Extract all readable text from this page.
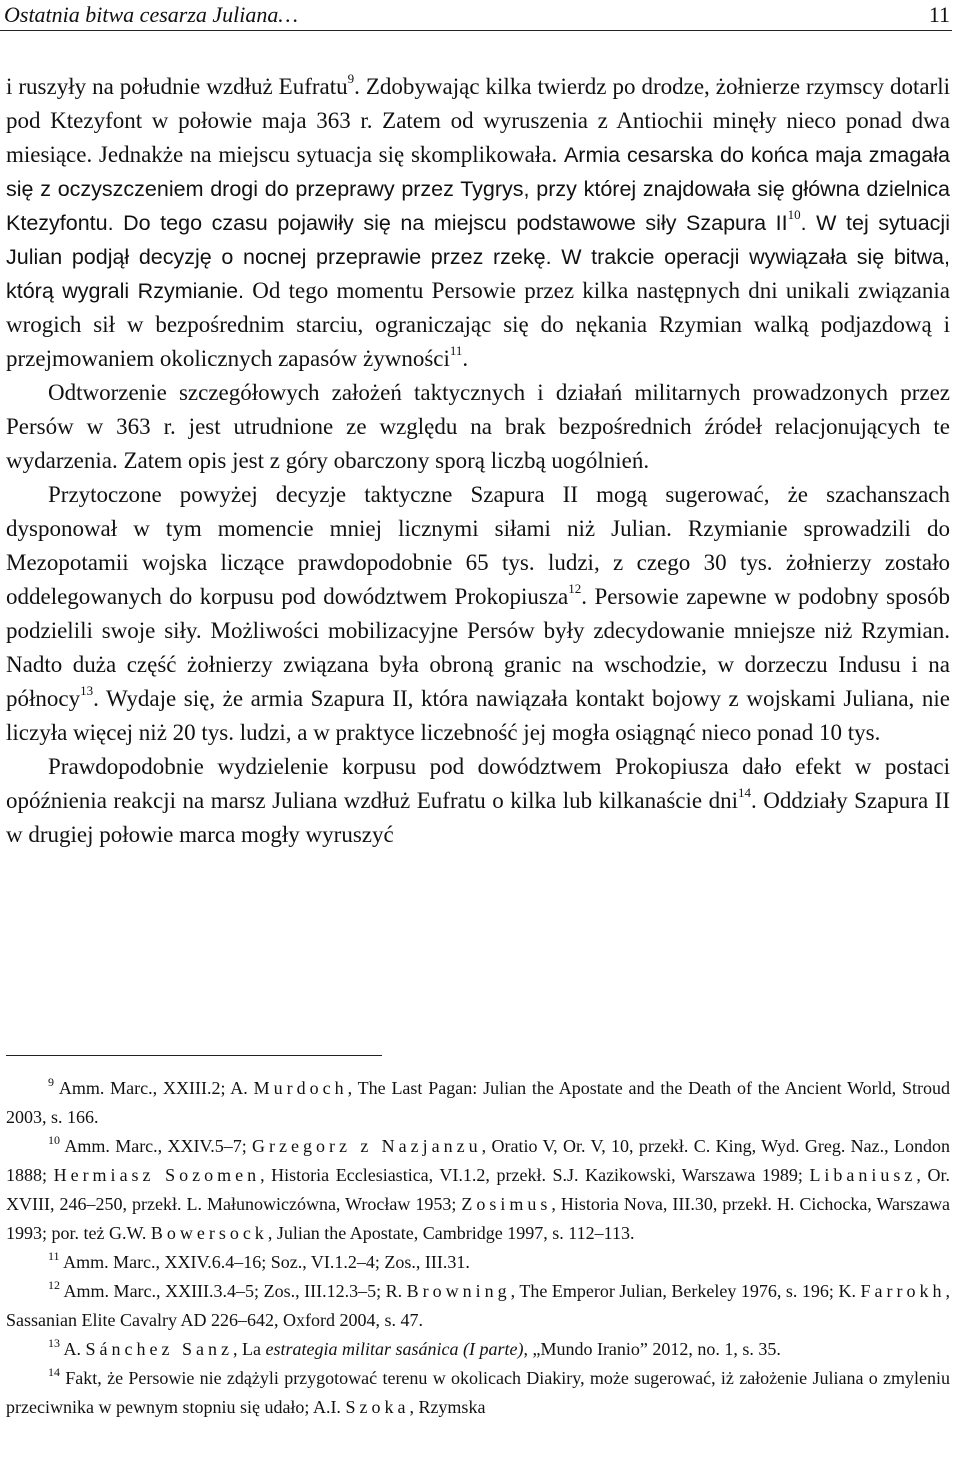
Ostatnia bitwa cesarza Juliana…	11

i ruszyły na południe wzdłuż Eufratu$^9$. Zdobywając kilka twierdz po drodze, żołnierze rzymscy dotarli pod Ktezyfont w połowie maja 363 r. Zatem od wyruszenia z Antiochii minęły nieco ponad dwa miesiące. Jednakże na miejscu sytuacja się skomplikowała. Armia cesarska do końca maja zmagała się z oczyszczeniem drogi do przeprawy przez Tygrys, przy której znajdowała się główna dzielnica Ktezyfontu. Do tego czasu pojawiły się na miejscu podstawowe siły Szapura II$^{10}$. W tej sytuacji Julian podjął decyzję o nocnej przeprawie przez rzekę. W trakcie operacji wywiązała się bitwa, którą wygrali Rzymianie. Od tego momentu Persowie przez kilka następnych dni unikali związania wrogich sił w bezpośrednim starciu, ograniczając się do nękania Rzymian walką podjazdową i przejmowaniem okolicznych zapasów żywności$^{11}$.

Odtworzenie szczegółowych założeń taktycznych i działań militarnych prowadzonych przez Persów w 363 r. jest utrudnione ze względu na brak bezpośrednich źródeł relacjonujących te wydarzenia. Zatem opis jest z góry obarczony sporą liczbą uogólnień.

Przytoczone powyżej decyzje taktyczne Szapura II mogą sugerować, że szachanszach dysponował w tym momencie mniej licznymi siłami niż Julian. Rzymianie sprowadzili do Mezopotamii wojska liczące prawdopodobnie 65 tys. ludzi, z czego 30 tys. żołnierzy zostało oddelegowanych do korpusu pod dowództwem Prokopiusza$^{12}$. Persowie zapewne w podobny sposób podzielili swoje siły. Możliwości mobilizacyjne Persów były zdecydowanie mniejsze niż Rzymian. Nadto duża część żołnierzy związana była obroną granic na wschodzie, w dorzeczu Indusu i na północy$^{13}$. Wydaje się, że armia Szapura II, która nawiązała kontakt bojowy z wojskami Juliana, nie liczyła więcej niż 20 tys. ludzi, a w praktyce liczebność jej mogła osiągnąć nieco ponad 10 tys.

Prawdopodobnie wydzielenie korpusu pod dowództwem Prokopiusza dało efekt w postaci opóźnienia reakcji na marsz Juliana wzdłuż Eufratu o kilka lub kilkanaście dni$^{14}$. Oddziały Szapura II w drugiej połowie marca mogły wyruszyć

$^9$ Amm. Marc., XXIII.2; A. Murdoch, The Last Pagan: Julian the Apostate and the Death of the Ancient World, Stroud 2003, s. 166.

$^{10}$ Amm. Marc., XXIV.5–7; Grzegorz z Nazjanzu, Oratio V, Or. V, 10, przekł. C. King, Wyd. Greg. Naz., London 1888; Hermiasz Sozomen, Historia Ecclesiastica, VI.1.2, przekł. S.J. Kazikowski, Warszawa 1989; Libaniusz, Or. XVIII, 246–250, przekł. L. Małunowiczówna, Wrocław 1953; Zosimus, Historia Nova, III.30, przekł. H. Cichocka, Warszawa 1993; por. też G.W. Bowersock, Julian the Apostate, Cambridge 1997, s. 112–113.

$^{11}$ Amm. Marc., XXIV.6.4–16; Soz., VI.1.2–4; Zos., III.31.

$^{12}$ Amm. Marc., XXIII.3.4–5; Zos., III.12.3–5; R. Browning, The Emperor Julian, Berkeley 1976, s. 196; K. Farrokh, Sassanian Elite Cavalry AD 226–642, Oxford 2004, s. 47.

$^{13}$ A. Sánchez Sanz, La estrategia militar sasánica (I parte), „Mundo Iranio” 2012, no. 1, s. 35.

$^{14}$ Fakt, że Persowie nie zdążyli przygotować terenu w okolicach Diakiry, może sugerować, iż założenie Juliana o zmyleniu przeciwnika w pewnym stopniu się udało; A.I. Szoka, Rzymska
